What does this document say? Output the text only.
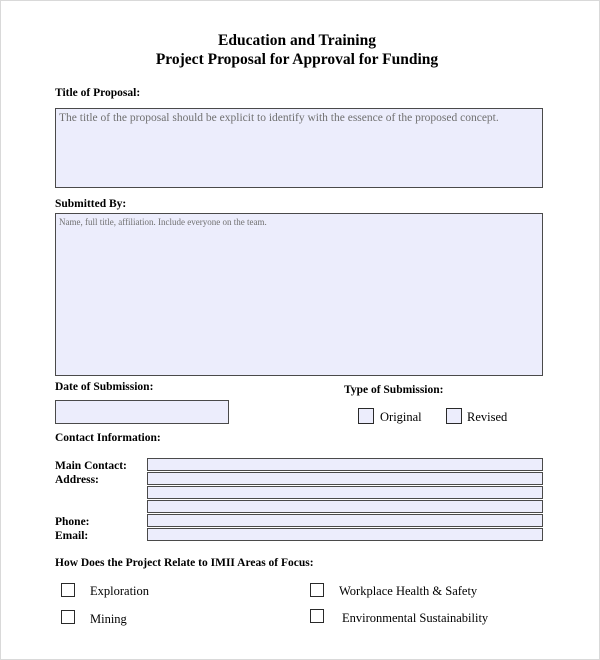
Education and Training
Project Proposal for Approval for Funding
Title of Proposal:
The title of the proposal should be explicit to identify with the essence of the proposed concept.
Submitted By:
Name, full title, affiliation. Include everyone on the team.
Date of Submission:	Type of Submission:
Original	Revised
Contact Information:
Main Contact:
Address:
Phone:
Email:
How Does the Project Relate to IMII Areas of Focus:
Exploration
Mining
Workplace Health & Safety
Environmental Sustainability
